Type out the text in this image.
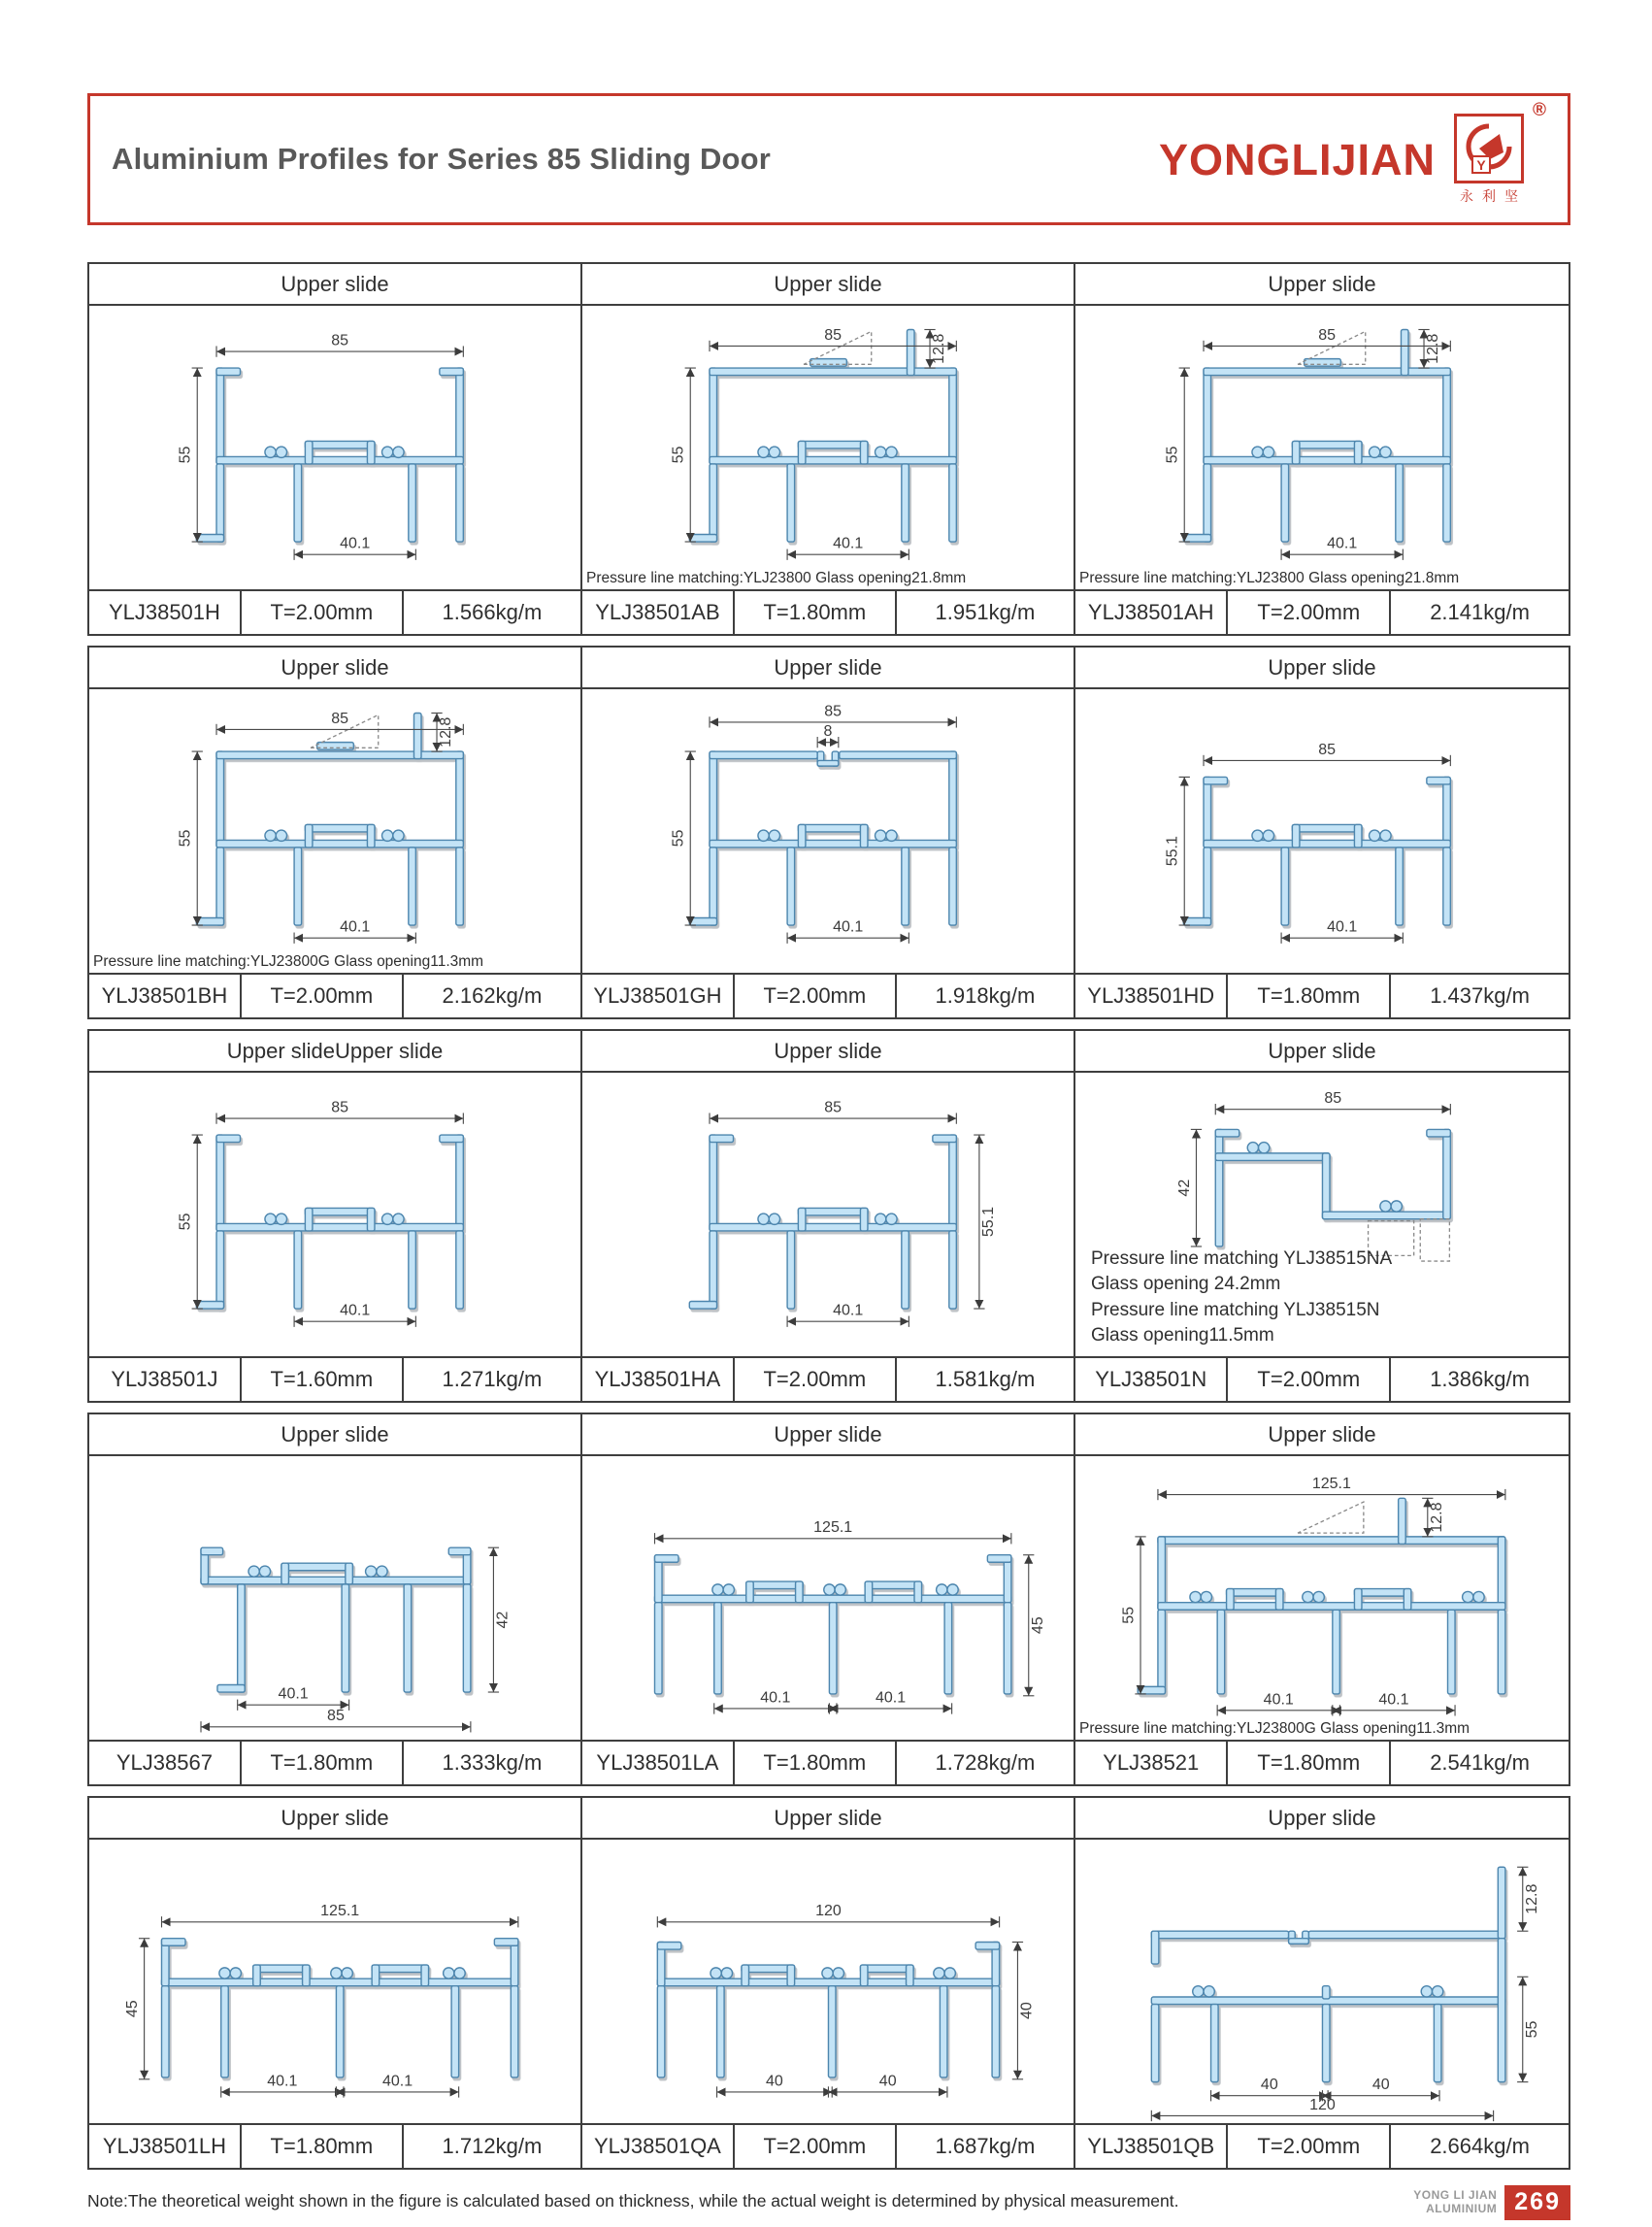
Aluminium Profiles for Series 85 Sliding Door	YONGLIJIAN	Y
®
永利坚
Upper slide
85
55
40.1
YLJ38501H	T=2.00mm	1.566kg/m
Upper slide
85	12.8
55
40.1
Pressure line matching:YLJ23800 Glass opening21.8mm
YLJ38501AB	T=1.80mm	1.951kg/m
Upper slide
85	12.8
55
40.1
Pressure line matching:YLJ23800 Glass opening21.8mm
YLJ38501AH	T=2.00mm	2.141kg/m
Upper slide
85	12.8
55
40.1
Pressure line matching:YLJ23800G Glass opening11.3mm
YLJ38501BH	T=2.00mm	2.162kg/m
Upper slide
85
8
55
40.1
YLJ38501GH	T=2.00mm	1.918kg/m
Upper slide
85
55.1
40.1
YLJ38501HD	T=1.80mm	1.437kg/m
Upper slideUpper slide
85
55
40.1
YLJ38501J	T=1.60mm	1.271kg/m
Upper slide
85
55.1
40.1
YLJ38501HA	T=2.00mm	1.581kg/m
Upper slide
85
42
Pressure line matching YLJ38515NA
Glass opening 24.2mm
Pressure line matching YLJ38515N
Glass opening11.5mm
YLJ38501N	T=2.00mm	1.386kg/m
Upper slide
42
40.1
85
YLJ38567	T=1.80mm	1.333kg/m
Upper slide
125.1
45
40.1	40.1
YLJ38501LA	T=1.80mm	1.728kg/m
Upper slide
125.1
12.8
55
40.1	40.1
Pressure line matching:YLJ23800G Glass opening11.3mm
YLJ38521	T=1.80mm	2.541kg/m
Upper slide
125.1
45
40.1	40.1
YLJ38501LH	T=1.80mm	1.712kg/m
Upper slide
120
40
40	40
YLJ38501QA	T=2.00mm	1.687kg/m
Upper slide
12.8
55
40	40
120
YLJ38501QB	T=2.00mm	2.664kg/m
Note:The theoretical weight shown in the figure is calculated based on thickness, while the actual weight is determined by physical measurement.	YONG LI JIAN
ALUMINIUM 269
